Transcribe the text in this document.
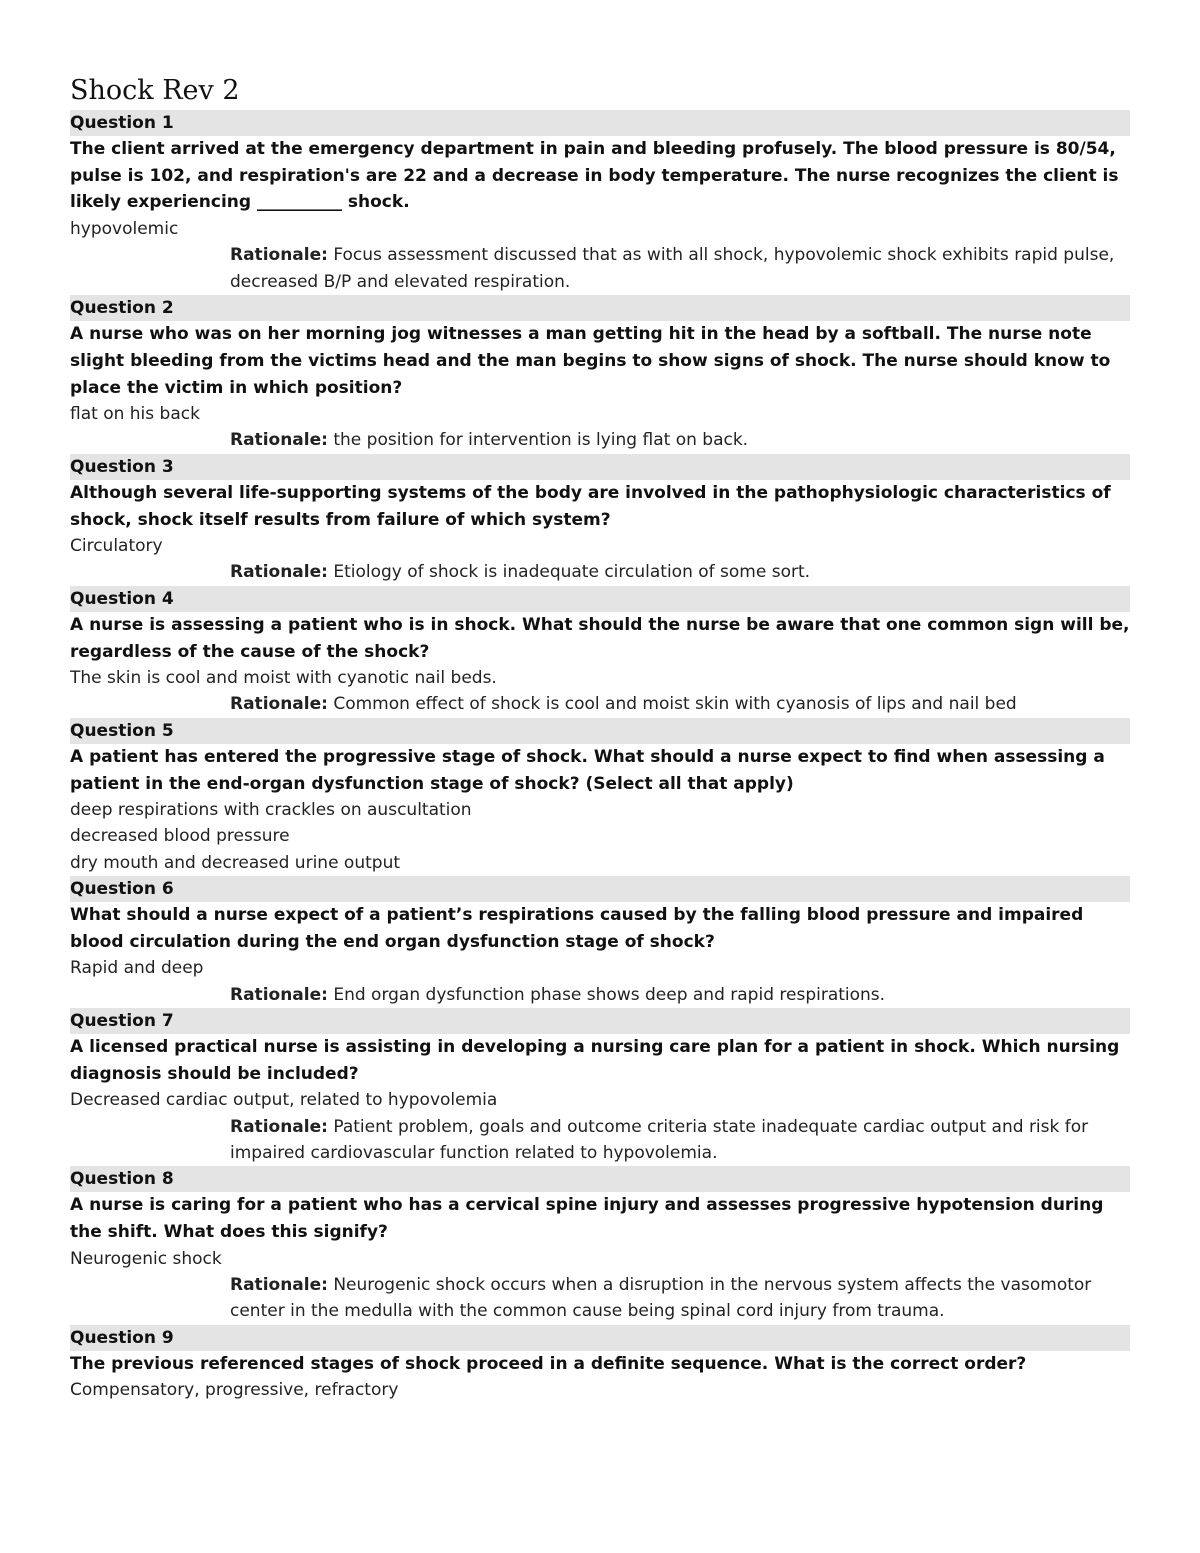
Shock Rev 2
Question 1
The client arrived at the emergency department in pain and bleeding profusely. The blood pressure is 80/54, pulse is 102, and respiration's are 22 and a decrease in body temperature. The nurse recognizes the client is likely experiencing __________ shock.
hypovolemic
Rationale: Focus assessment discussed that as with all shock, hypovolemic shock exhibits rapid pulse, decreased B/P and elevated respiration.
Question 2
A nurse who was on her morning jog witnesses a man getting hit in the head by a softball. The nurse note slight bleeding from the victims head and the man begins to show signs of shock. The nurse should know to place the victim in which position?
flat on his back
Rationale: the position for intervention is lying flat on back.
Question 3
Although several life-supporting systems of the body are involved in the pathophysiologic characteristics of shock, shock itself results from failure of which system?
Circulatory
Rationale: Etiology of shock is inadequate circulation of some sort.
Question 4
A nurse is assessing a patient who is in shock. What should the nurse be aware that one common sign will be, regardless of the cause of the shock?
The skin is cool and moist with cyanotic nail beds.
Rationale: Common effect of shock is cool and moist skin with cyanosis of lips and nail bed
Question 5
A patient has entered the progressive stage of shock. What should a nurse expect to find when assessing a patient in the end-organ dysfunction stage of shock? (Select all that apply)
deep respirations with crackles on auscultation
decreased blood pressure
dry mouth and decreased urine output
Question 6
What should a nurse expect of a patient’s respirations caused by the falling blood pressure and impaired blood circulation during the end organ dysfunction stage of shock?
Rapid and deep
Rationale: End organ dysfunction phase shows deep and rapid respirations.
Question 7
A licensed practical nurse is assisting in developing a nursing care plan for a patient in shock. Which nursing diagnosis should be included?
Decreased cardiac output, related to hypovolemia
Rationale: Patient problem, goals and outcome criteria state inadequate cardiac output and risk for impaired cardiovascular function related to hypovolemia.
Question 8
A nurse is caring for a patient who has a cervical spine injury and assesses progressive hypotension during the shift. What does this signify?
Neurogenic shock
Rationale: Neurogenic shock occurs when a disruption in the nervous system affects the vasomotor center in the medulla with the common cause being spinal cord injury from trauma.
Question 9
The previous referenced stages of shock proceed in a definite sequence. What is the correct order?
Compensatory, progressive, refractory
